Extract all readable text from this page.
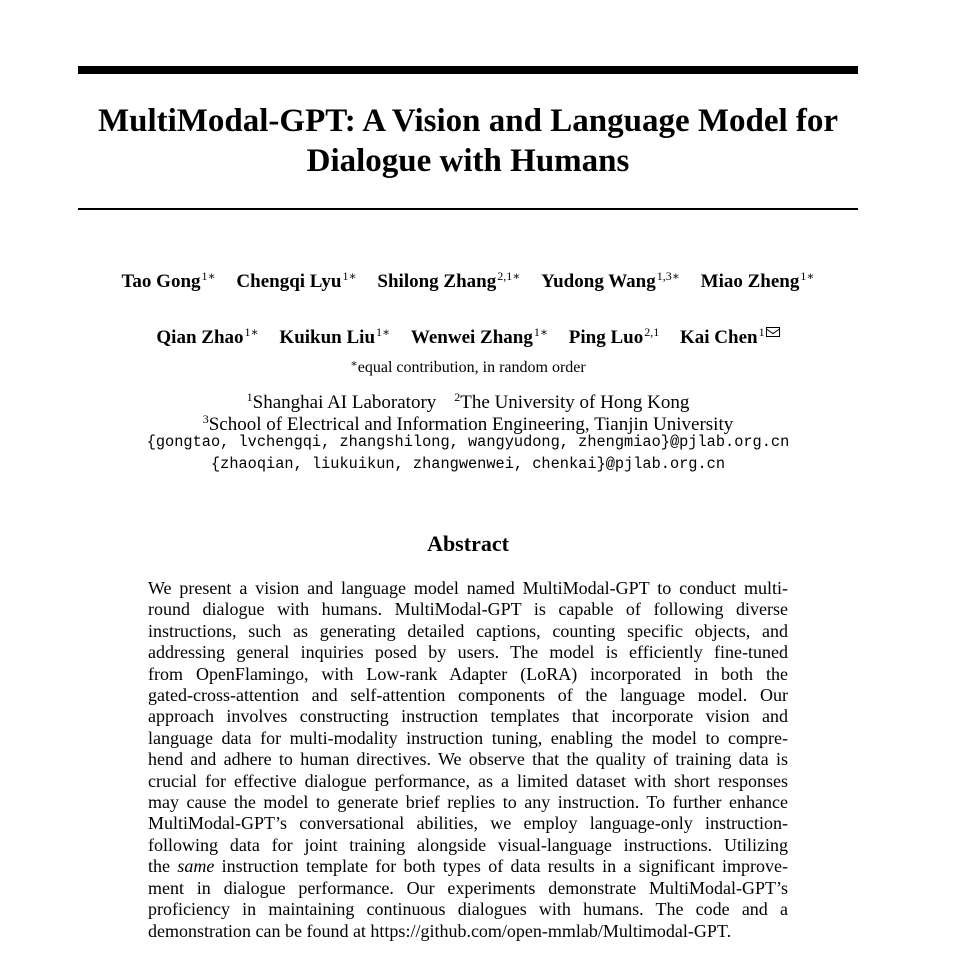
MultiModal-GPT: A Vision and Language Model for
Dialogue with Humans
Tao Gong$^{1∗}$ Chengqi Lyu$^{1∗}$ Shilong Zhang$^{2,1∗}$ Yudong Wang$^{1,3∗}$ Miao Zheng$^{1∗}$
Qian Zhao$^{1∗}$ Kuikun Liu$^{1∗}$ Wenwei Zhang$^{1∗}$ Ping Luo$^{2,1}$ Kai Chen$^1$
∗equal contribution, in random order
$^1$Shanghai AI Laboratory $^2$The University of Hong Kong
$^3$School of Electrical and Information Engineering, Tianjin University
{gongtao, lvchengqi, zhangshilong, wangyudong, zhengmiao}@pjlab.org.cn
{zhaoqian, liukuikun, zhangwenwei, chenkai}@pjlab.org.cn
Abstract
We present a vision and language model named MultiModal-GPT to conduct multi-
round dialogue with humans. MultiModal-GPT is capable of following diverse
instructions, such as generating detailed captions, counting specific objects, and
addressing general inquiries posed by users. The model is efficiently fine-tuned
from OpenFlamingo, with Low-rank Adapter (LoRA) incorporated in both the
gated-cross-attention and self-attention components of the language model. Our
approach involves constructing instruction templates that incorporate vision and
language data for multi-modality instruction tuning, enabling the model to compre-
hend and adhere to human directives. We observe that the quality of training data is
crucial for effective dialogue performance, as a limited dataset with short responses
may cause the model to generate brief replies to any instruction. To further enhance
MultiModal-GPT’s conversational abilities, we employ language-only instruction-
following data for joint training alongside visual-language instructions. Utilizing
the same instruction template for both types of data results in a significant improve-
ment in dialogue performance. Our experiments demonstrate MultiModal-GPT’s
proficiency in maintaining continuous dialogues with humans. The code and a
demonstration can be found at https://github.com/open-mmlab/Multimodal-GPT.
